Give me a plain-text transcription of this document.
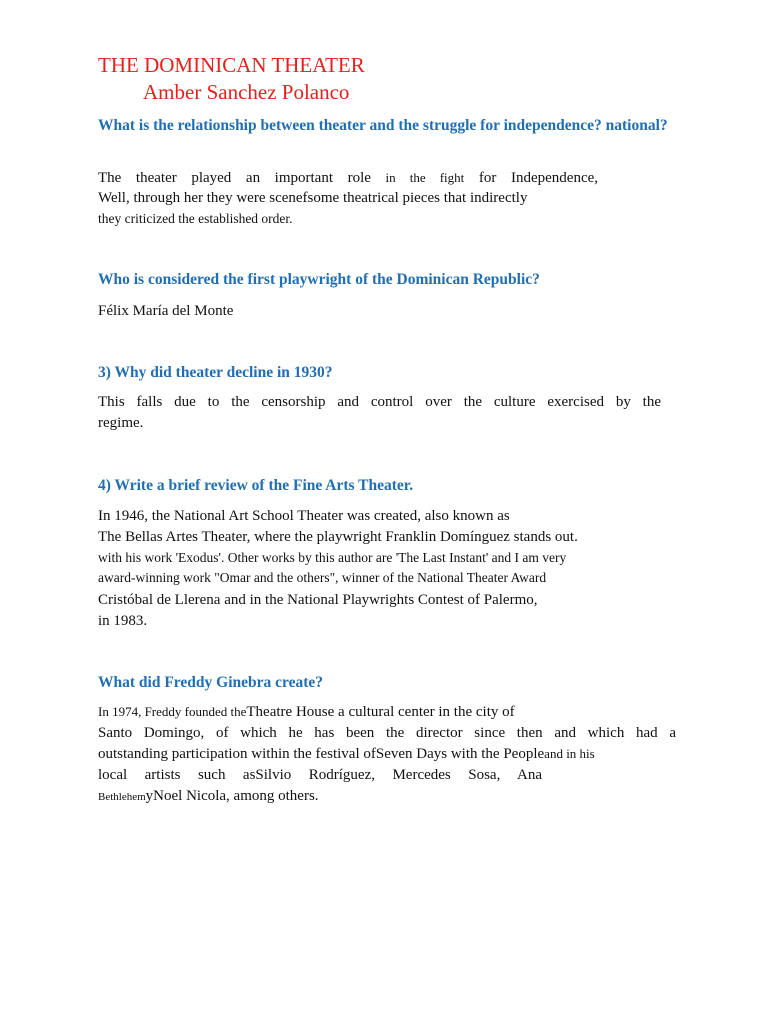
THE DOMINICAN THEATER
Amber Sanchez Polanco
What is the relationship between theater and the struggle for independence? national?
The theater played an important role in the fight for Independence,
Well, through her they were scenefsome theatrical pieces that indirectly
they criticized the established order.
Who is considered the first playwright of the Dominican Republic?
Félix María del Monte
3) Why did theater decline in 1930?
This falls due to the censorship and control over the culture exercised by the
regime.
4) Write a brief review of the Fine Arts Theater.
In 1946, the National Art School Theater was created, also known as
The Bellas Artes Theater, where the playwright Franklin Domínguez stands out.
with his work 'Exodus'. Other works by this author are 'The Last Instant' and I am very
award-winning work "Omar and the others", winner of the National Theater Award
Cristóbal de Llerena and in the National Playwrights Contest of Palermo,
in 1983.
What did Freddy Ginebra create?
In 1974, Freddy founded theTheatre House a cultural center in the city of
Santo Domingo, of which he has been the director since then and which had a
outstanding participation within the festival ofSeven Days with the Peopleand in his
local artists such asSilvio Rodríguez, Mercedes Sosa, Ana
BethlehemyNoel Nicola, among others.
